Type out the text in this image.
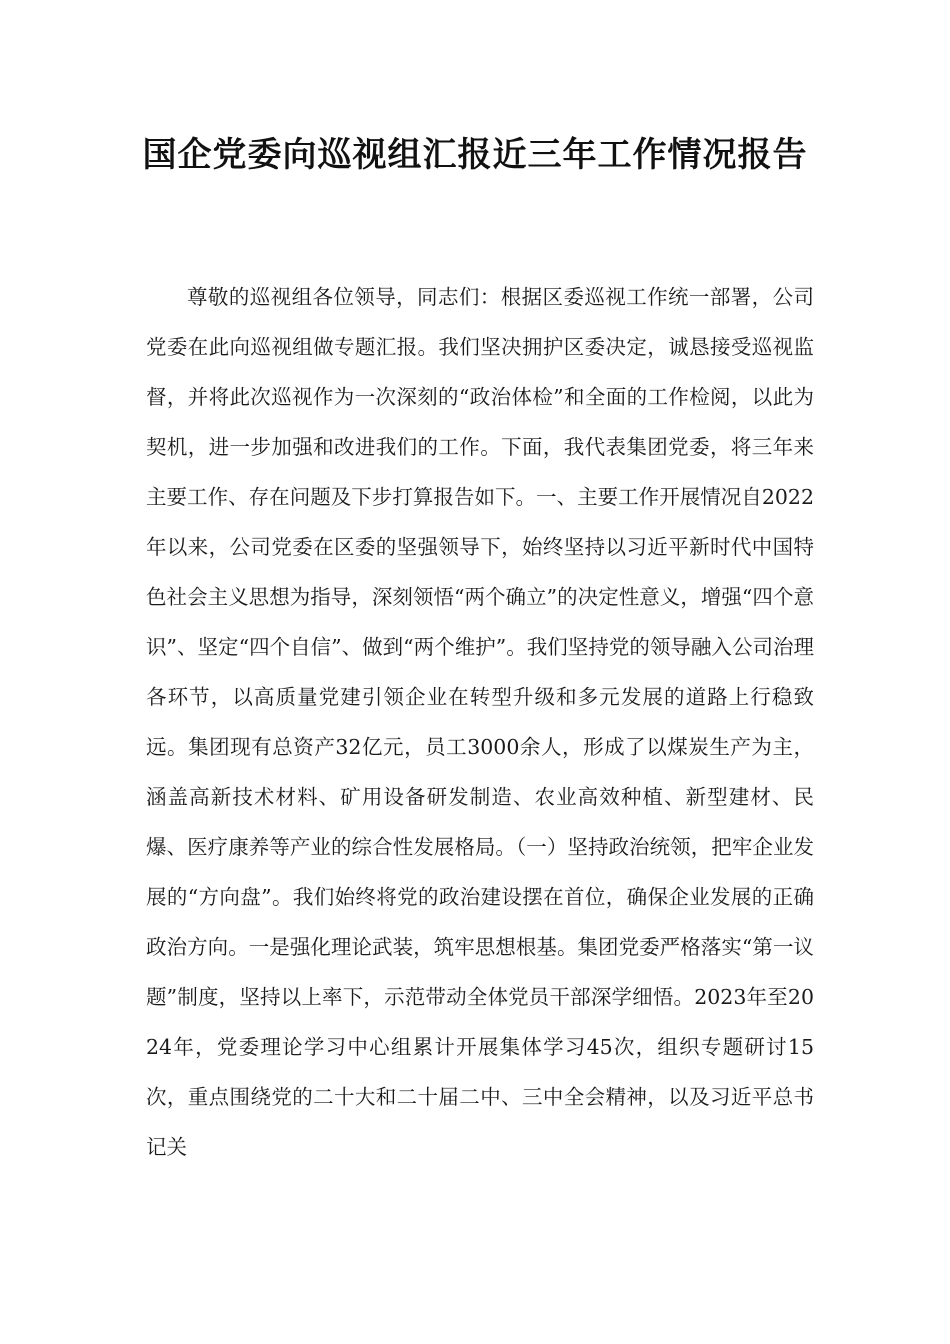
国企党委向巡视组汇报近三年工作情况报告

尊敬的巡视组各位领导，同志们：根据区委巡视工作统一部署，公司党委在此向巡视组做专题汇报。我们坚决拥护区委决定，诚恳接受巡视监督，并将此次巡视作为一次深刻的“政治体检”和全面的工作检阅，以此为契机，进一步加强和改进我们的工作。下面，我代表集团党委，将三年来主要工作、存在问题及下步打算报告如下。一、主要工作开展情况自2022年以来，公司党委在区委的坚强领导下，始终坚持以习近平新时代中国特色社会主义思想为指导，深刻领悟“两个确立”的决定性意义，增强“四个意识”、坚定“四个自信”、做到“两个维护”。我们坚持党的领导融入公司治理各环节，以高质量党建引领企业在转型升级和多元发展的道路上行稳致远。集团现有总资产32亿元，员工3000余人，形成了以煤炭生产为主，涵盖高新技术材料、矿用设备研发制造、农业高效种植、新型建材、民爆、医疗康养等产业的综合性发展格局。（一）坚持政治统领，把牢企业发展的“方向盘”。我们始终将党的政治建设摆在首位，确保企业发展的正确政治方向。一是强化理论武装，筑牢思想根基。集团党委严格落实“第一议题”制度，坚持以上率下，示范带动全体党员干部深学细悟。2023年至2024年，党委理论学习中心组累计开展集体学习45次，组织专题研讨15次，重点围绕党的二十大和二十届二中、三中全会精神，以及习近平总书记关
